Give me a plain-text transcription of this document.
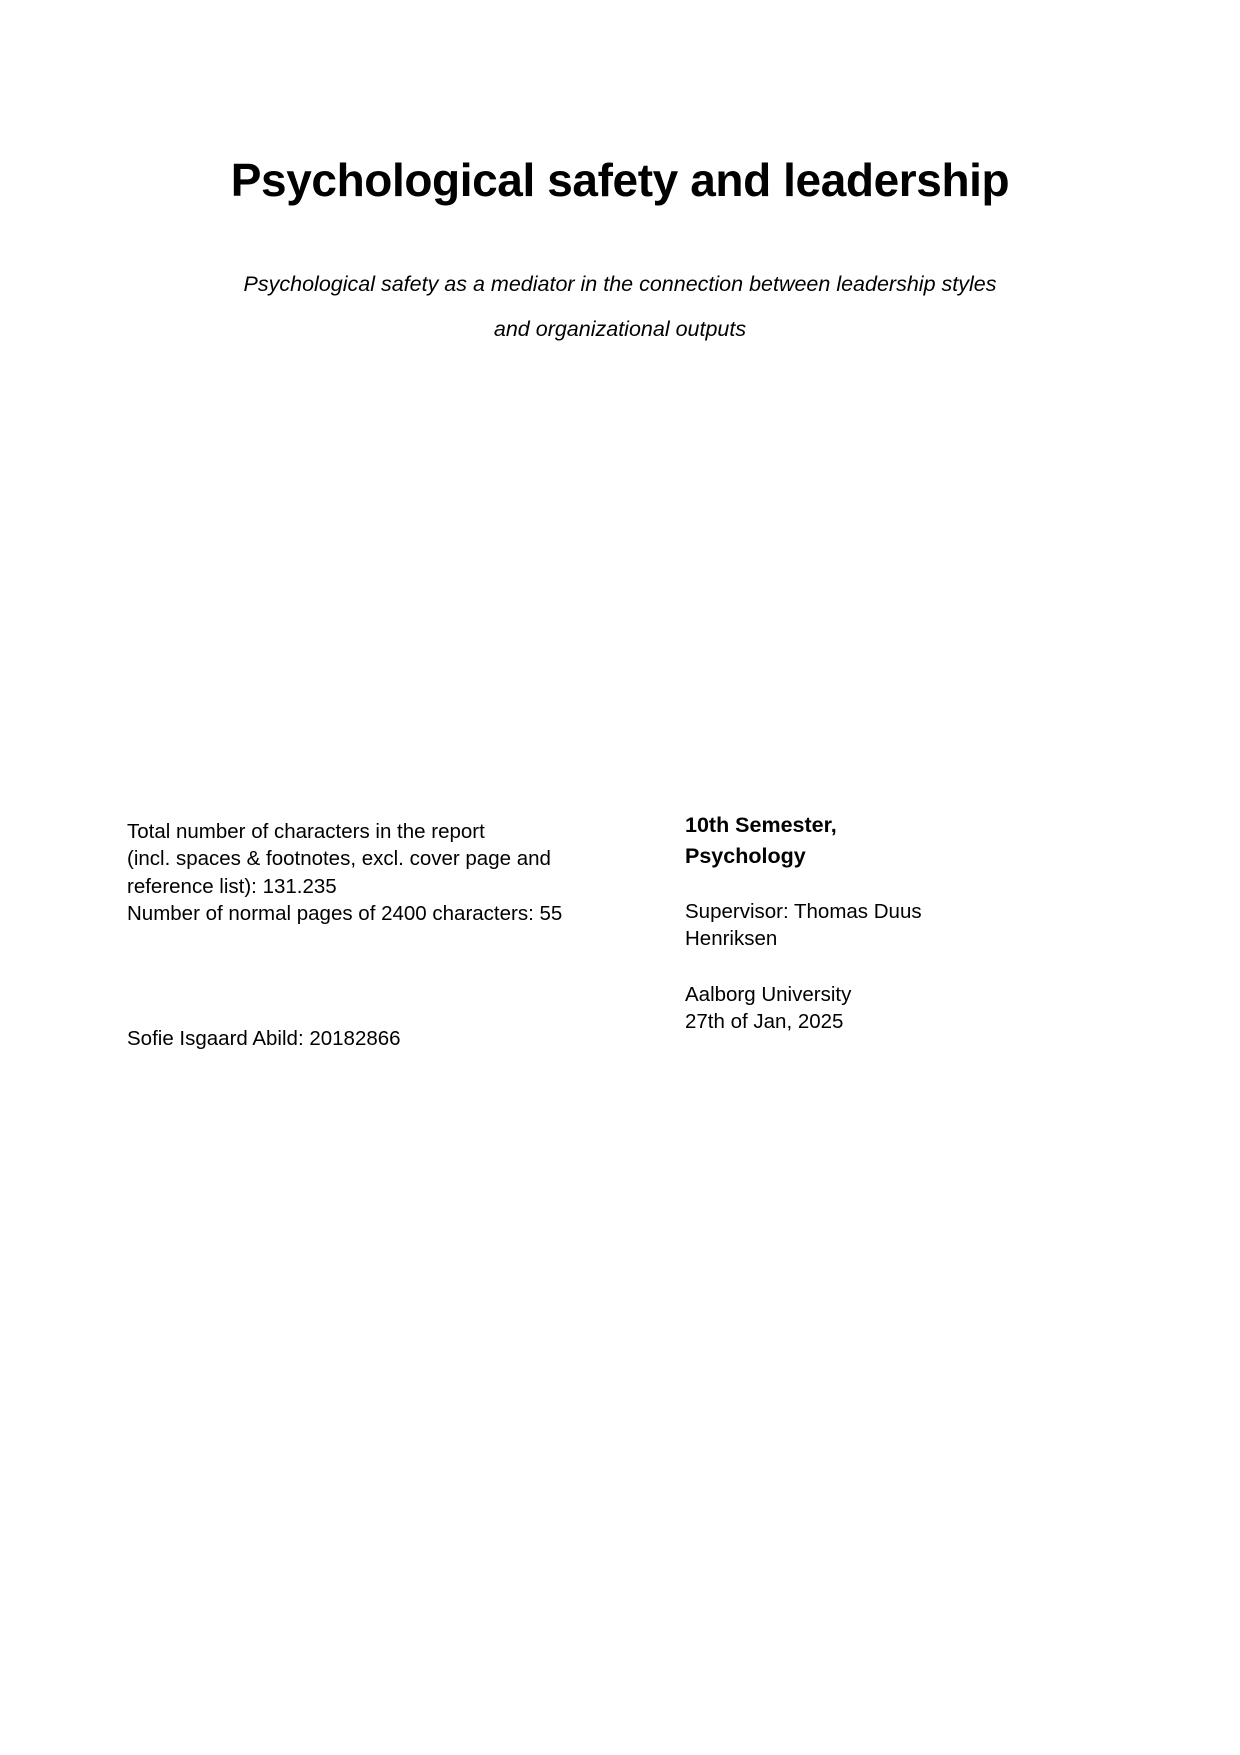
Psychological safety and leadership

Psychological safety as a mediator in the connection between leadership styles

and organizational outputs

Total number of characters in the report

(incl. spaces & footnotes, excl. cover page and

reference list): 131.235

Number of normal pages of 2400 characters: 55

Sofie Isgaard Abild: 20182866

10th Semester,

Psychology

Supervisor: Thomas Duus

Henriksen

Aalborg University

27th of Jan, 2025
